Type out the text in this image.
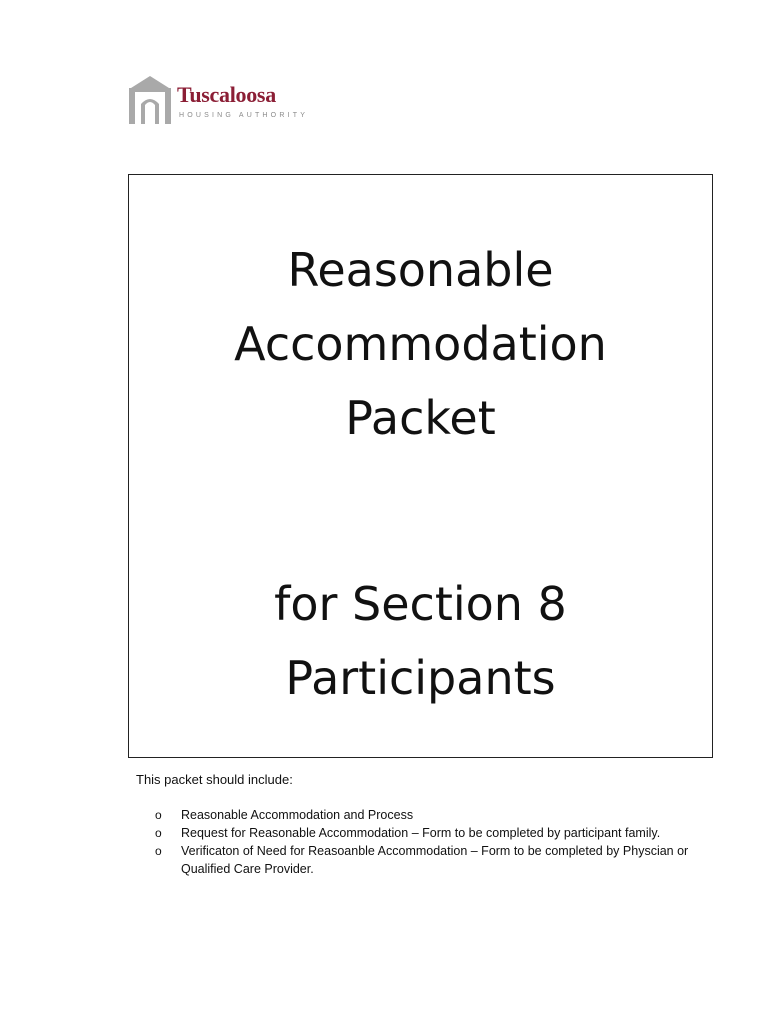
Tuscaloosa
HOUSING AUTHORITY
Reasonable
Accommodation
Packet
for Section 8
Participants
This packet should include:
o Reasonable Accommodation and Process
o Request for Reasonable Accommodation – Form to be completed by participant family.
o Verificaton of Need for Reasoanble Accommodation – Form to be completed by Physcian or Qualified Care Provider.
